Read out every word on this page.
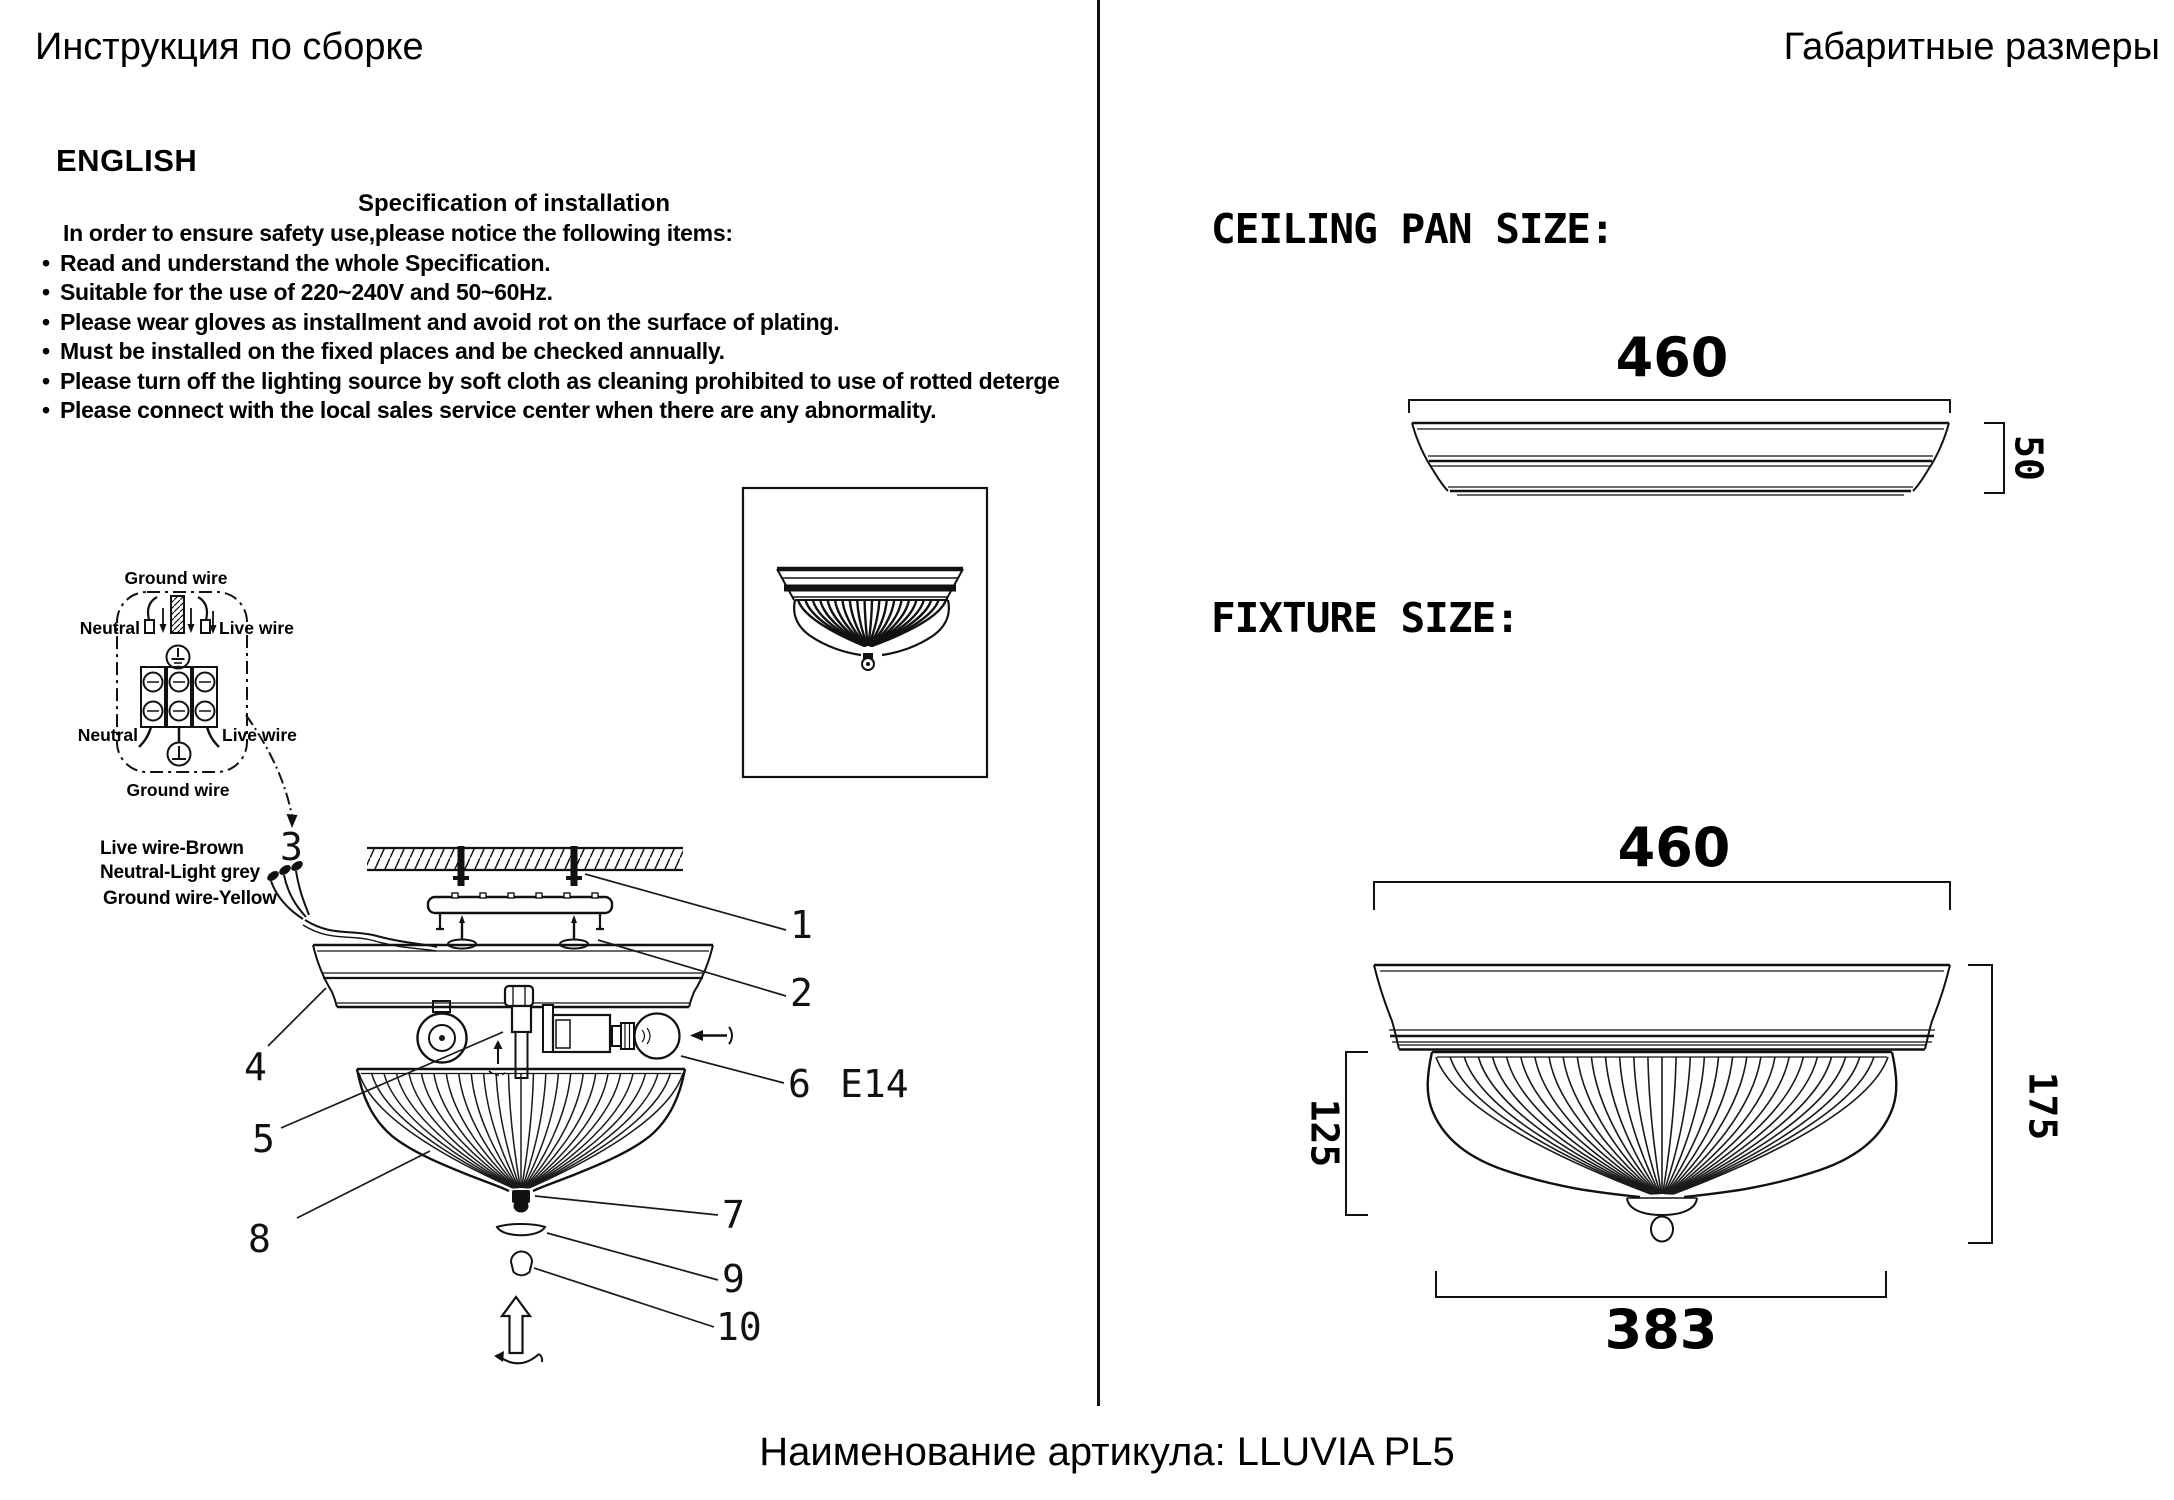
Инструкция по сборке	Габаритные размеры
ENGLISH
Specification of installation
In order to ensure safety use,please notice the following items:
• Read and understand the whole Specification.
• Suitable for the use of 220~240V and 50~60Hz.
• Please wear gloves as installment and avoid rot on the surface of plating.
• Must be installed on the fixed places and be checked annually.
• Please turn off the lighting source by soft cloth as cleaning prohibited to use of rotted deterge
• Please connect with the local sales service center when there are any abnormality.
Ground wire
Neutral	Live wire
Neutral	Live wire
Ground wire
Live wire-Brown
Neutral-Light grey
Ground wire-Yellow
1
2
3
4
5
6 E14
7
8
9
10
CEILING PAN SIZE:
FIXTURE SIZE:
460
50
460
125	175
383
Наименование артикула: LLUVIA PL5
